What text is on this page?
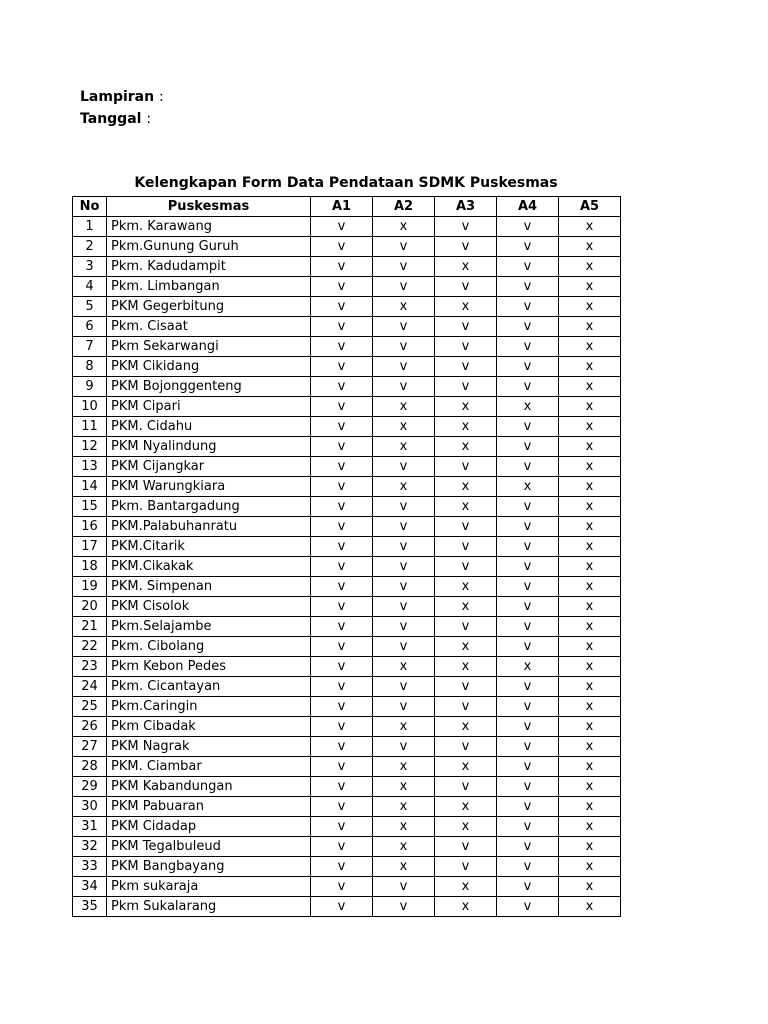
Lampiran :
Tanggal :
Kelengkapan Form Data Pendataan SDMK Puskesmas
No	Puskesmas	A1	A2	A3	A4	A5
1	Pkm. Karawang	v	x	v	v	x
2	Pkm.Gunung Guruh	v	v	v	v	x
3	Pkm. Kadudampit	v	v	x	v	x
4	Pkm. Limbangan	v	v	v	v	x
5	PKM Gegerbitung	v	x	x	v	x
6	Pkm. Cisaat	v	v	v	v	x
7	Pkm Sekarwangi	v	v	v	v	x
8	PKM Cikidang	v	v	v	v	x
9	PKM Bojonggenteng	v	v	v	v	x
10	PKM Cipari	v	x	x	x	x
11	PKM. Cidahu	v	x	x	v	x
12	PKM Nyalindung	v	x	x	v	x
13	PKM Cijangkar	v	v	v	v	x
14	PKM Warungkiara	v	x	x	x	x
15	Pkm. Bantargadung	v	v	x	v	x
16	PKM.Palabuhanratu	v	v	v	v	x
17	PKM.Citarik	v	v	v	v	x
18	PKM.Cikakak	v	v	v	v	x
19	PKM. Simpenan	v	v	x	v	x
20	PKM Cisolok	v	v	x	v	x
21	Pkm.Selajambe	v	v	v	v	x
22	Pkm. Cibolang	v	v	x	v	x
23	Pkm Kebon Pedes	v	x	x	x	x
24	Pkm. Cicantayan	v	v	v	v	x
25	Pkm.Caringin	v	v	v	v	x
26	Pkm Cibadak	v	x	x	v	x
27	PKM Nagrak	v	v	v	v	x
28	PKM. Ciambar	v	x	x	v	x
29	PKM Kabandungan	v	x	v	v	x
30	PKM Pabuaran	v	x	x	v	x
31	PKM Cidadap	v	x	x	v	x
32	PKM Tegalbuleud	v	x	v	v	x
33	PKM Bangbayang	v	x	v	v	x
34	Pkm sukaraja	v	v	x	v	x
35	Pkm Sukalarang	v	v	x	v	x
